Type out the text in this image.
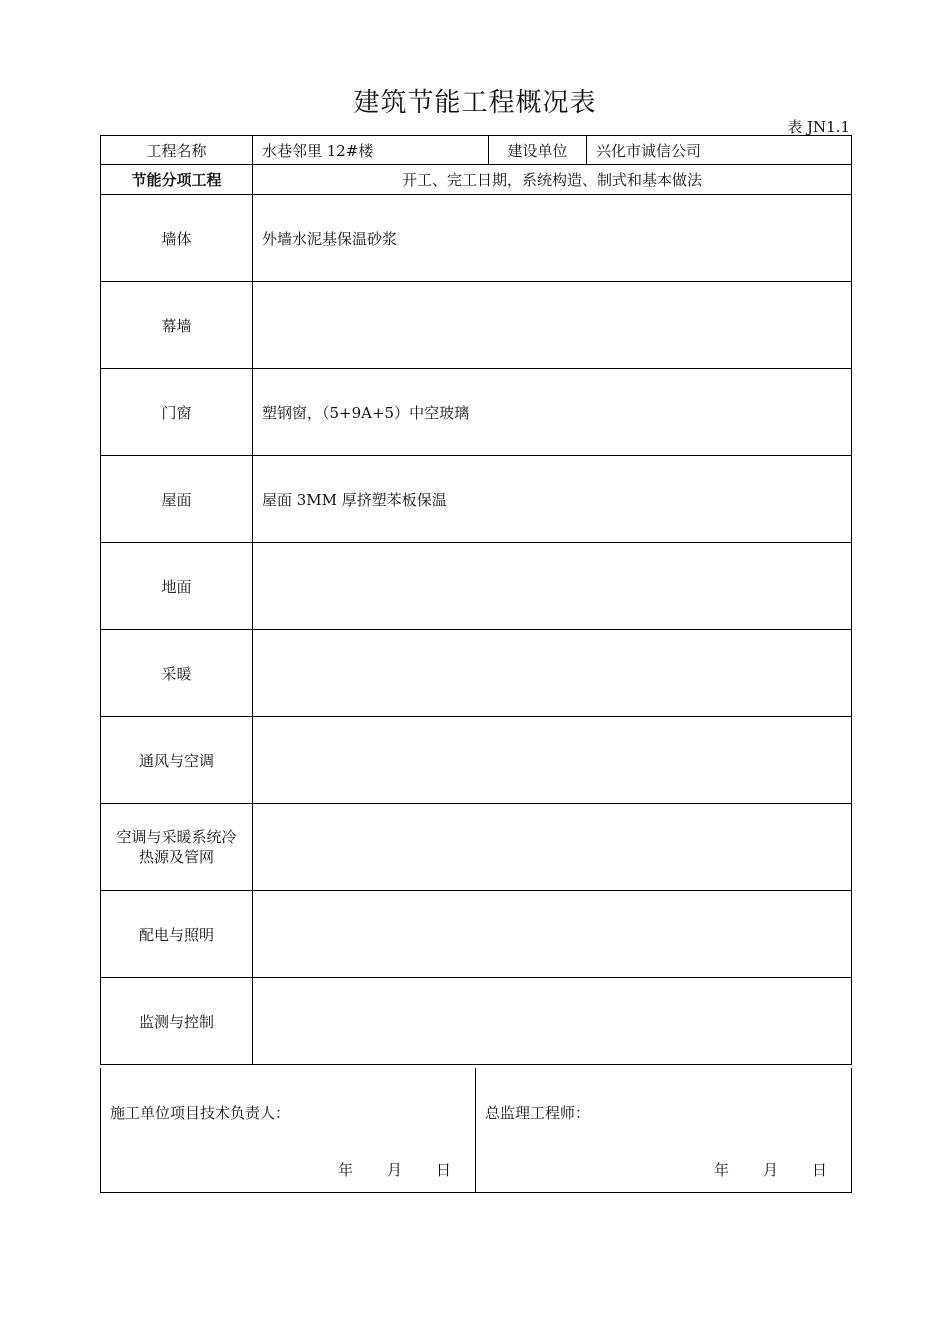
建筑节能工程概况表
表 JN1.1
工程名称	水巷邻里 12#楼	建设单位	兴化市诚信公司
节能分项工程	开工、完工日期，系统构造、制式和基本做法		
墙体	外墙水泥基保温砂浆		
幕墙			
门窗	塑钢窗，（5+9A+5）中空玻璃		
屋面	屋面 3MM 厚挤塑苯板保温		
地面			
采暖			
通风与空调			

空调与采暖系统冷
热源及管网			

配电与照明			
监测与控制			
施工单位项目技术负责人：
年 月 日

总监理工程师：
年 月 日
